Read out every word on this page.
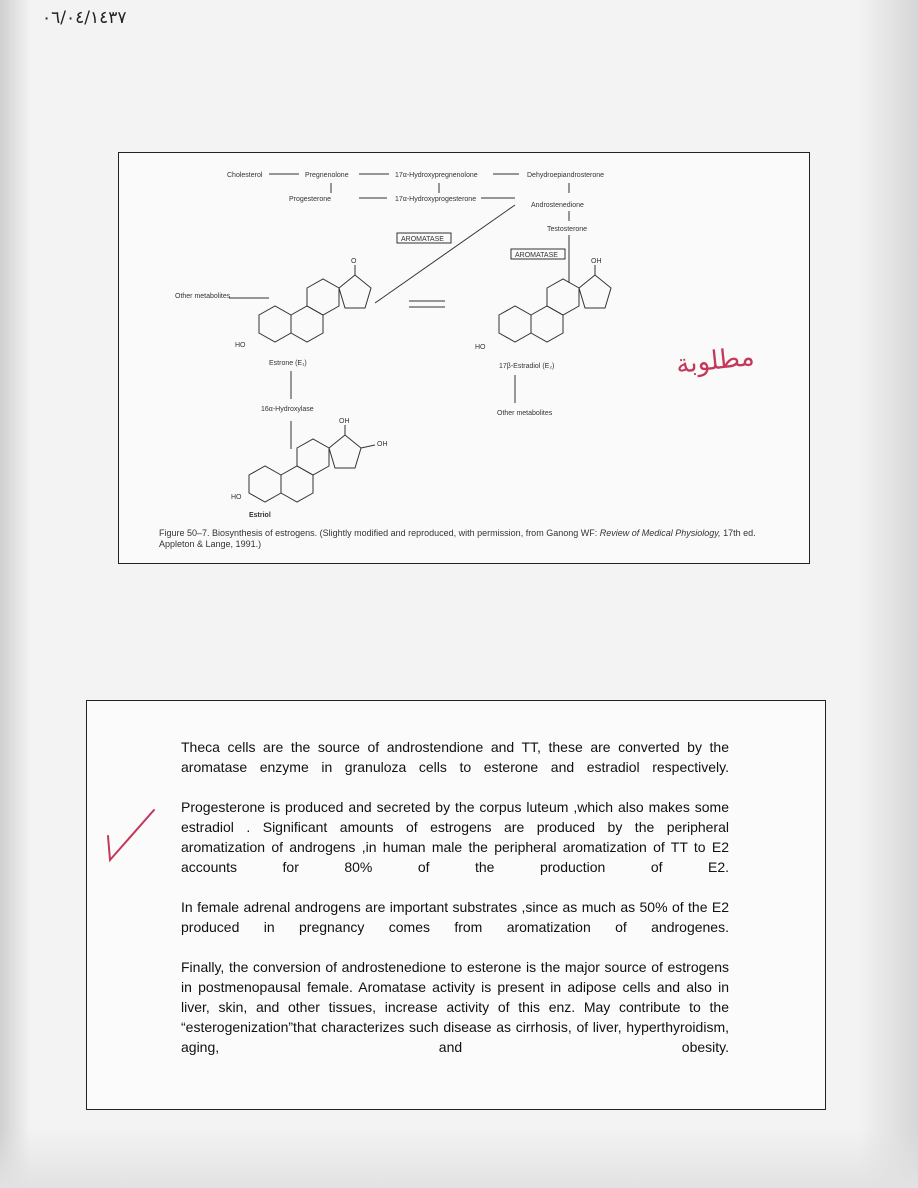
٠٦/٠٤/١٤٣٧
Cholesterol	Pregnenolone	17α-Hydroxypregnenolone	Dehydroepiandrosterone
Progesterone	17α-Hydroxyprogesterone
Androstenedione
Testosterone
AROMATASE
AROMATASE
Other metabolites
O
HO
Estrone (E₁)
OH
HO
17β-Estradiol (E₂)
Other metabolites
16α-Hydroxylase
OH
OH
HO
Estriol
Figure 50–7. Biosynthesis of estrogens. (Slightly modified and reproduced, with permission, from Ganong WF: Review of Medical Physiology, 17th ed. Appleton & Lange, 1991.)
مطلوبة

Theca cells are the source of androstendione and TT, these are converted by the aromatase enzyme in granuloza cells to esterone and estradiol respectively.

Progesterone is produced and secreted by the corpus luteum ,which also makes some estradiol . Significant amounts of estrogens are produced by the peripheral aromatization of androgens ,in human male the peripheral aromatization of TT to E2 accounts for 80% of the production of E2.

In female adrenal androgens are important substrates ,since as much as 50% of the E2 produced in pregnancy comes from aromatization of androgenes.

Finally, the conversion of androstenedione to esterone is the major source of estrogens in postmenopausal female. Aromatase activity is present in adipose cells and also in liver, skin, and other tissues, increase activity of this enz. May contribute to the “esterogenization”that characterizes such disease as cirrhosis, of liver, hyperthyroidism, aging, and obesity.
